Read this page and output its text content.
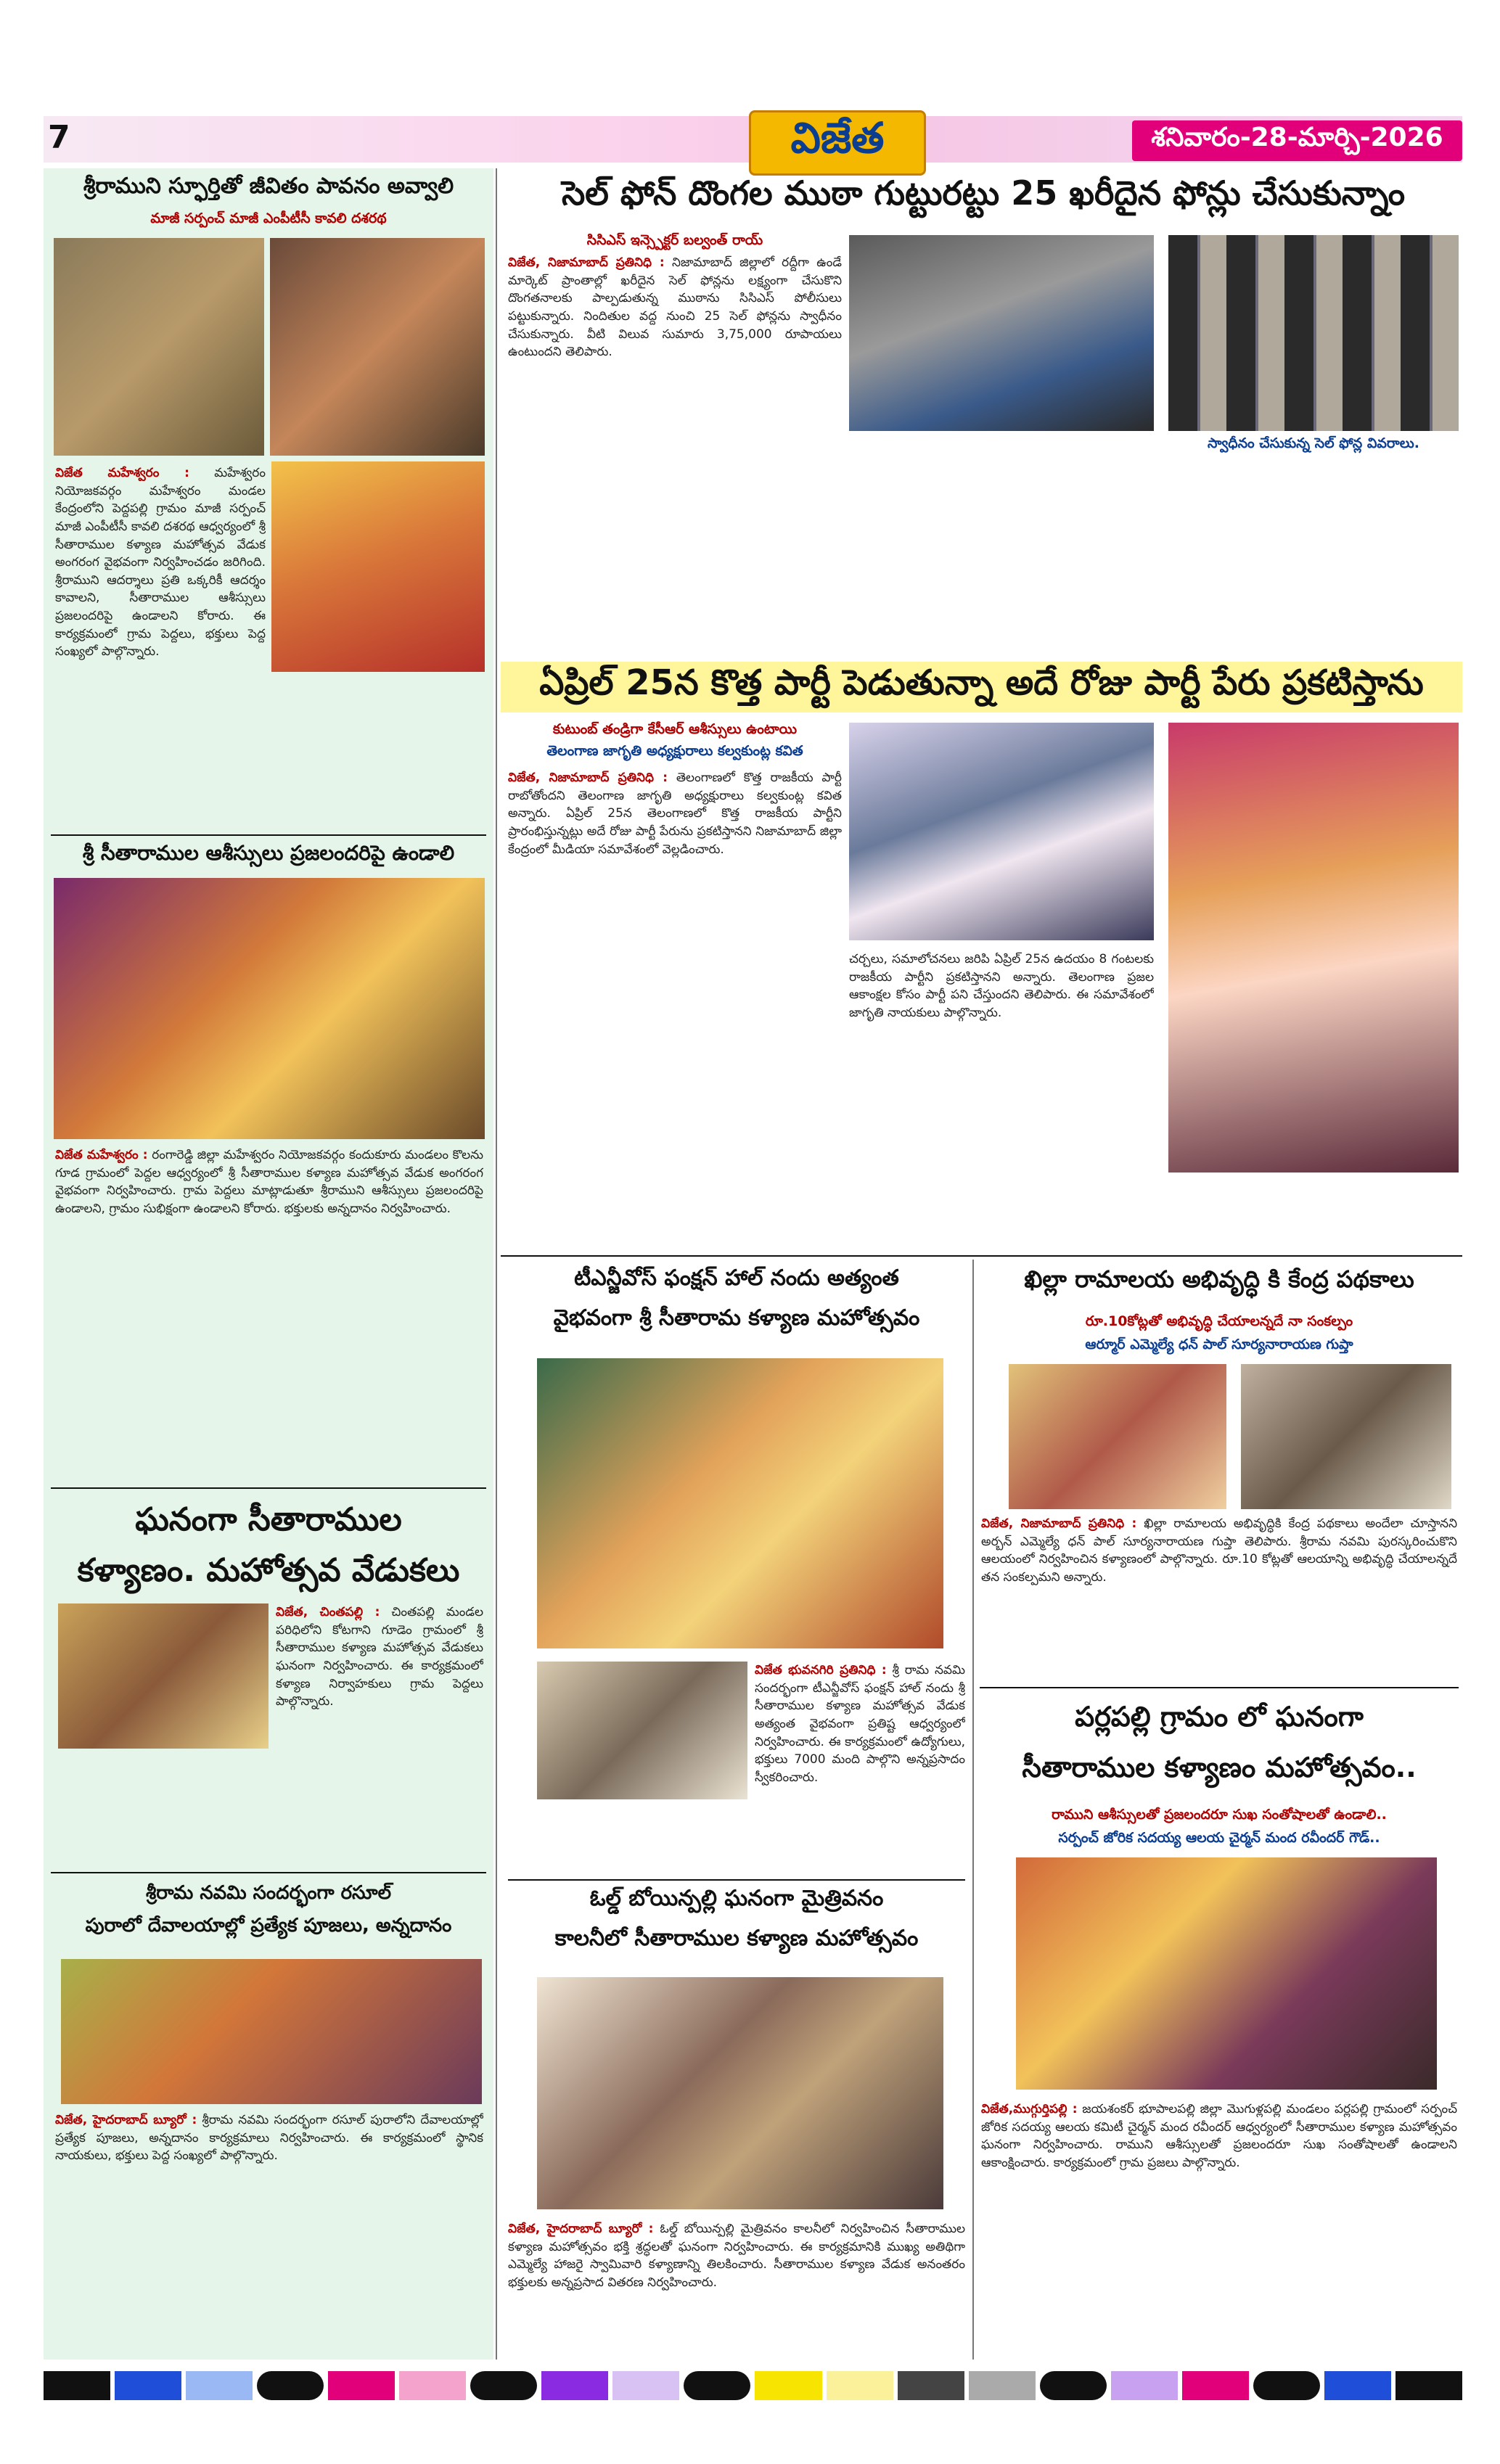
7	విజేత	శనివారం-28-మార్చి-2026
శ్రీరాముని స్ఫూర్తితో జీవితం పావనం అవ్వాలి
మాజీ సర్పంచ్ మాజీ ఎంపీటీసీ కావలి దశరథ
విజేత మహేశ్వరం : మహేశ్వరం నియోజకవర్గం మహేశ్వరం మండల కేంద్రంలోని పెద్దపల్లి గ్రామం మాజీ సర్పంచ్ మాజీ ఎంపీటీసీ కావలి దశరథ ఆధ్వర్యంలో శ్రీ సీతారాముల కళ్యాణ మహోత్సవ వేడుక అంగరంగ వైభవంగా నిర్వహించడం జరిగింది. శ్రీరాముని ఆదర్శాలు ప్రతి ఒక్కరికీ ఆదర్శం కావాలని, సీతారాముల ఆశీస్సులు ప్రజలందరిపై ఉండాలని కోరారు. ఈ కార్యక్రమంలో గ్రామ పెద్దలు, భక్తులు పెద్ద సంఖ్యలో పాల్గొన్నారు.
శ్రీ సీతారాముల ఆశీస్సులు ప్రజలందరిపై ఉండాలి
విజేత మహేశ్వరం : రంగారెడ్డి జిల్లా మహేశ్వరం నియోజకవర్గం కందుకూరు మండలం కొలను గూడ గ్రామంలో పెద్దల ఆధ్వర్యంలో శ్రీ సీతారాముల కళ్యాణ మహోత్సవ వేడుక అంగరంగ వైభవంగా నిర్వహించారు. గ్రామ పెద్దలు మాట్లాడుతూ శ్రీరాముని ఆశీస్సులు ప్రజలందరిపై ఉండాలని, గ్రామం సుభిక్షంగా ఉండాలని కోరారు. భక్తులకు అన్నదానం నిర్వహించారు.
ఘనంగా సీతారాముల
కళ్యాణం. మహోత్సవ వేడుకలు
విజేత, చింతపల్లి : చింతపల్లి మండల పరిధిలోని కోటగాని గూడెం గ్రామంలో శ్రీ సీతారాముల కళ్యాణ మహోత్సవ వేడుకలు ఘనంగా నిర్వహించారు. ఈ కార్యక్రమంలో కళ్యాణ నిర్వాహకులు గ్రామ పెద్దలు పాల్గొన్నారు.
శ్రీరామ నవమి సందర్భంగా రసూల్
పురాలో దేవాలయాల్లో ప్రత్యేక పూజలు, అన్నదానం
విజేత, హైదరాబాద్ బ్యూరో : శ్రీరామ నవమి సందర్భంగా రసూల్ పురాలోని దేవాలయాల్లో ప్రత్యేక పూజలు, అన్నదానం కార్యక్రమాలు నిర్వహించారు. ఈ కార్యక్రమంలో స్థానిక నాయకులు, భక్తులు పెద్ద సంఖ్యలో పాల్గొన్నారు.
సెల్ ఫోన్ దొంగల ముఠా గుట్టురట్టు 25 ఖరీదైన ఫోన్లు చేసుకున్నాం
సిసిఎస్ ఇన్స్పెక్టర్ బల్వంత్ రాయ్
విజేత, నిజామాబాద్ ప్రతినిధి : నిజామాబాద్ జిల్లాలో రద్దీగా ఉండే మార్కెట్ ప్రాంతాల్లో ఖరీదైన సెల్ ఫోన్లను లక్ష్యంగా చేసుకొని దొంగతనాలకు పాల్పడుతున్న ముఠాను సిసిఎస్ పోలీసులు పట్టుకున్నారు. నిందితుల వద్ద నుంచి 25 సెల్ ఫోన్లను స్వాధీనం చేసుకున్నారు. వీటి విలువ సుమారు 3,75,000 రూపాయలు ఉంటుందని తెలిపారు.
స్వాధీనం చేసుకున్న సెల్ ఫోన్ల వివరాలు.
ఏప్రిల్ 25న కొత్త పార్టీ పెడుతున్నా అదే రోజు పార్టీ పేరు ప్రకటిస్తాను
కుటుంబ్ తండ్రిగా కేసీఆర్ ఆశీస్సులు ఉంటాయి
తెలంగాణ జాగృతి అధ్యక్షురాలు కల్వకుంట్ల కవిత
విజేత, నిజామాబాద్ ప్రతినిధి : తెలంగాణలో కొత్త రాజకీయ పార్టీ రాబోతోందని తెలంగాణ జాగృతి అధ్యక్షురాలు కల్వకుంట్ల కవిత అన్నారు. ఏప్రిల్ 25న తెలంగాణలో కొత్త రాజకీయ పార్టీని ప్రారంభిస్తున్నట్లు అదే రోజు పార్టీ పేరును ప్రకటిస్తానని నిజామాబాద్ జిల్లా కేంద్రంలో మీడియా సమావేశంలో వెల్లడించారు.
చర్చలు, సమాలోచనలు జరిపి ఏప్రిల్ 25న ఉదయం 8 గంటలకు రాజకీయ పార్టీని ప్రకటిస్తానని అన్నారు. తెలంగాణ ప్రజల ఆకాంక్షల కోసం పార్టీ పని చేస్తుందని తెలిపారు. ఈ సమావేశంలో జాగృతి నాయకులు పాల్గొన్నారు.
టీఎన్జీవోస్ ఫంక్షన్ హాల్ నందు అత్యంత
వైభవంగా శ్రీ సీతారామ కళ్యాణ మహోత్సవం
విజేత భువనగిరి ప్రతినిధి : శ్రీ రామ నవమి సందర్భంగా టీఎన్జీవోస్ ఫంక్షన్ హాల్ నందు శ్రీ సీతారాముల కళ్యాణ మహోత్సవ వేడుక అత్యంత వైభవంగా ప్రతిష్ట ఆధ్వర్యంలో నిర్వహించారు. ఈ కార్యక్రమంలో ఉద్యోగులు, భక్తులు 7000 మంది పాల్గొని అన్నప్రసాదం స్వీకరించారు.
ఓల్డ్ బోయిన్పల్లి ఘనంగా మైత్రివనం
కాలనీలో సీతారాముల కళ్యాణ మహోత్సవం
విజేత, హైదరాబాద్ బ్యూరో : ఓల్డ్ బోయిన్పల్లి మైత్రివనం కాలనీలో నిర్వహించిన సీతారాముల కళ్యాణ మహోత్సవం భక్తి శ్రద్ధలతో ఘనంగా నిర్వహించారు. ఈ కార్యక్రమానికి ముఖ్య అతిథిగా ఎమ్మెల్యే హాజరై స్వామివారి కళ్యాణాన్ని తిలకించారు. సీతారాముల కళ్యాణ వేడుక అనంతరం భక్తులకు అన్నప్రసాద వితరణ నిర్వహించారు.
ఖిల్లా రామాలయ అభివృద్ధి కి కేంద్ర పథకాలు
రూ.10కోట్లతో అభివృద్ధి చేయాలన్నదే నా సంకల్పం
ఆర్మూర్ ఎమ్మెల్యే ధన్ పాల్ సూర్యనారాయణ గుప్తా
విజేత, నిజామాబాద్ ప్రతినిధి : ఖిల్లా రామాలయ అభివృద్ధికి కేంద్ర పథకాలు అందేలా చూస్తానని అర్బన్ ఎమ్మెల్యే ధన్ పాల్ సూర్యనారాయణ గుప్తా తెలిపారు. శ్రీరామ నవమి పురస్కరించుకొని ఆలయంలో నిర్వహించిన కళ్యాణంలో పాల్గొన్నారు. రూ.10 కోట్లతో ఆలయాన్ని అభివృద్ధి చేయాలన్నదే తన సంకల్పమని అన్నారు.
పర్లపల్లి గ్రామం లో ఘనంగా
సీతారాముల కళ్యాణం మహోత్సవం..
రాముని ఆశీస్సులతో ప్రజలందరూ సుఖ సంతోషాలతో ఉండాలి..
సర్పంచ్ జోరిక సదయ్య ఆలయ చైర్మన్ మంద రవీందర్ గౌడ్..
విజేత,ముగ్గుర్తిపల్లి : జయశంకర్ భూపాలపల్లి జిల్లా మొగుళ్లపల్లి మండలం పర్లపల్లి గ్రామంలో సర్పంచ్ జోరిక సదయ్య ఆలయ కమిటీ చైర్మన్ మంద రవీందర్ ఆధ్వర్యంలో సీతారాముల కళ్యాణ మహోత్సవం ఘనంగా నిర్వహించారు. రాముని ఆశీస్సులతో ప్రజలందరూ సుఖ సంతోషాలతో ఉండాలని ఆకాంక్షించారు. కార్యక్రమంలో గ్రామ ప్రజలు పాల్గొన్నారు.
